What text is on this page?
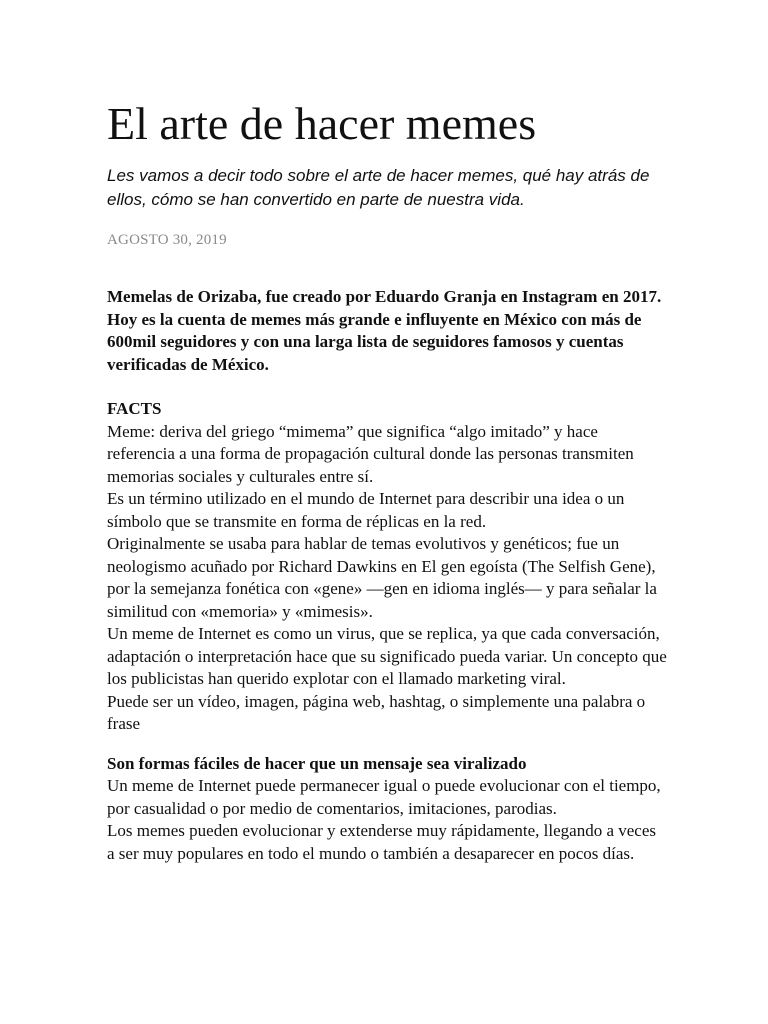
El arte de hacer memes

Les vamos a decir todo sobre el arte de hacer memes, qué hay atrás de ellos, cómo se han convertido en parte de nuestra vida.

AGOSTO 30, 2019

Memelas de Orizaba, fue creado por Eduardo Granja en Instagram en 2017. Hoy es la cuenta de memes más grande e influyente en México con más de 600mil seguidores y con una larga lista de seguidores famosos y cuentas verificadas de México.

FACTS

Meme: deriva del griego “mimema” que significa “algo imitado” y hace referencia a una forma de propagación cultural donde las personas transmiten memorias sociales y culturales entre sí.

Es un término utilizado en el mundo de Internet para describir una idea o un símbolo que se transmite en forma de réplicas en la red.

Originalmente se usaba para hablar de temas evolutivos y genéticos; fue un neologismo acuñado por Richard Dawkins en El gen egoísta (The Selfish Gene), por la semejanza fonética con «gene» —gen en idioma inglés— y para señalar la similitud con «memoria» y «mimesis».

Un meme de Internet es como un virus, que se replica, ya que cada conversación, adaptación o interpretación hace que su significado pueda variar. Un concepto que los publicistas han querido explotar con el llamado marketing viral.

Puede ser un vídeo, imagen, página web, hashtag, o simplemente una palabra o frase

Son formas fáciles de hacer que un mensaje sea viralizado

Un meme de Internet puede permanecer igual o puede evolucionar con el tiempo, por casualidad o por medio de comentarios, imitaciones, parodias.

Los memes pueden evolucionar y extenderse muy rápidamente, llegando a veces a ser muy populares en todo el mundo o también a desaparecer en pocos días.
